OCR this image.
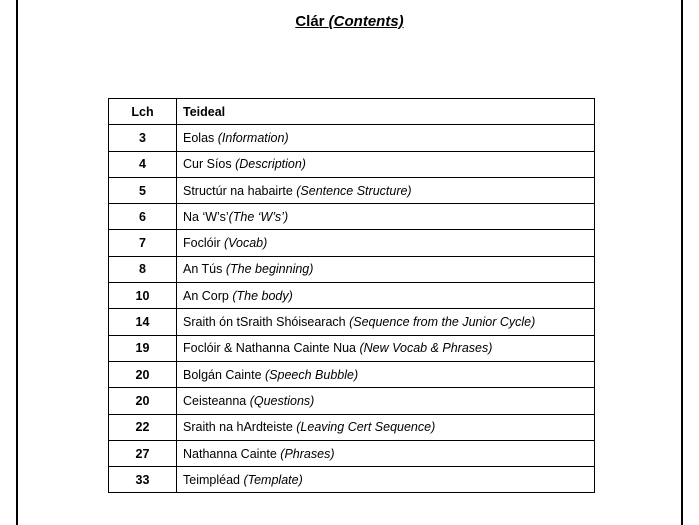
Clár (Contents)
Lch	Teideal
3	Eolas (Information)
4	Cur Síos (Description)
5	Structúr na habairte (Sentence Structure)
6	Na ‘W’s’(The ‘W’s’)
7	Foclóir (Vocab)
8	An Tús (The beginning)
10	An Corp (The body)
14	Sraith ón tSraith Shóisearach (Sequence from the Junior Cycle)
19	Foclóir & Nathanna Cainte Nua (New Vocab & Phrases)
20	Bolgán Cainte (Speech Bubble)
20	Ceisteanna (Questions)
22	Sraith na hArdteiste (Leaving Cert Sequence)
27	Nathanna Cainte (Phrases)
33	Teimpléad (Template)
